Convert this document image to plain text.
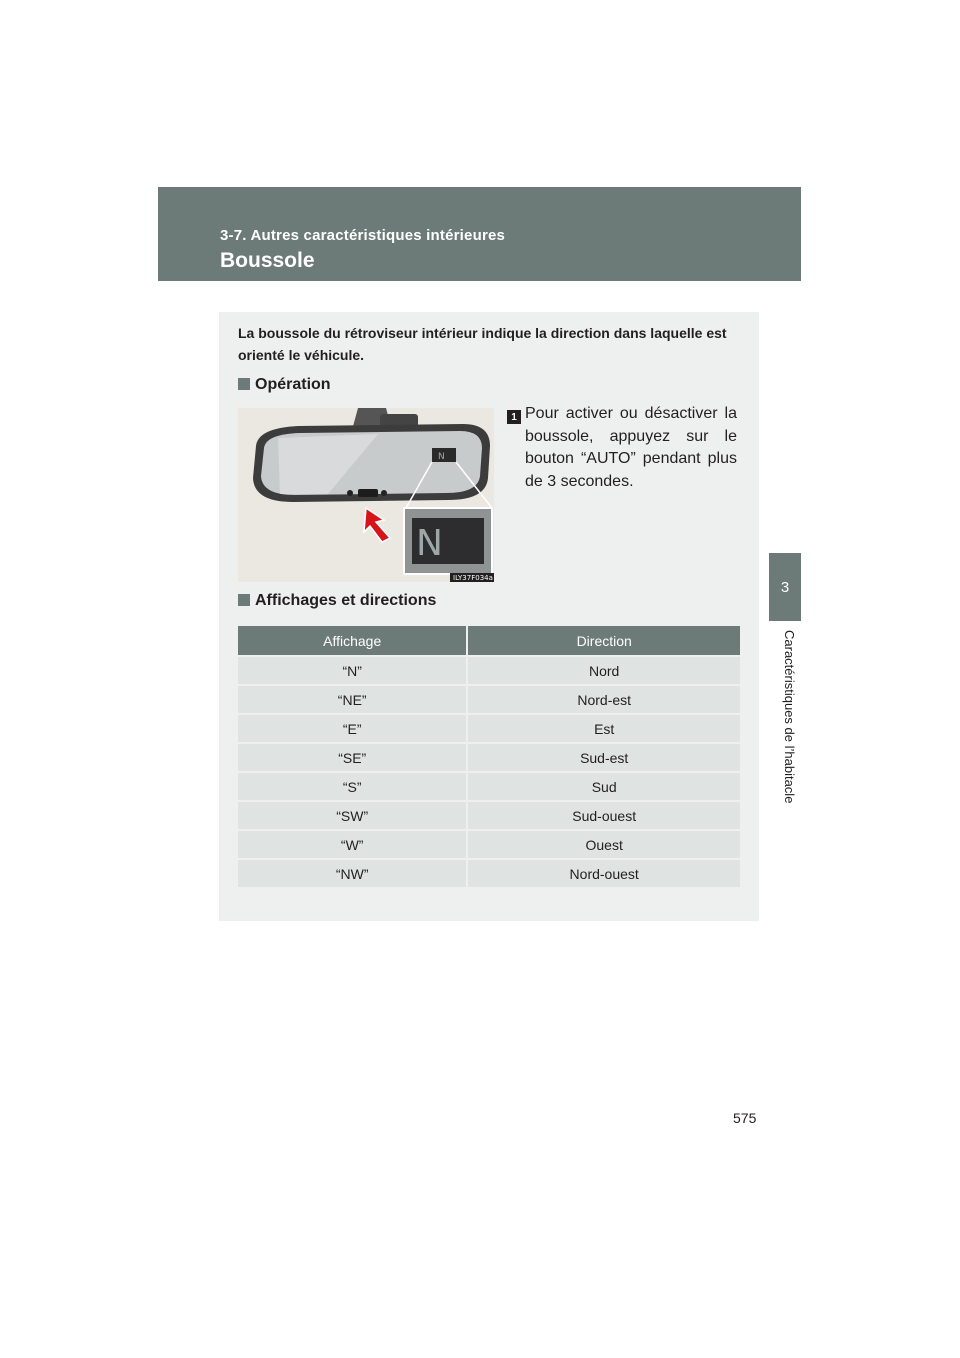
3-7. Autres caractéristiques intérieures
Boussole
3
Caractéristiques de l’habitacle

La boussole du rétroviseur intérieur indique la direction dans laquelle est orienté le véhicule.

Opération
N
N
ILY37F034a
1 Pour activer ou désactiver la boussole, appuyez sur le bouton “AUTO” pendant plus de 3 secondes.

Affichages et directions
Affichage	Direction
“N”	Nord
“NE”	Nord-est
“E”	Est
“SE”	Sud-est
“S”	Sud
“SW”	Sud-ouest
“W”	Ouest
“NW”	Nord-ouest
575
